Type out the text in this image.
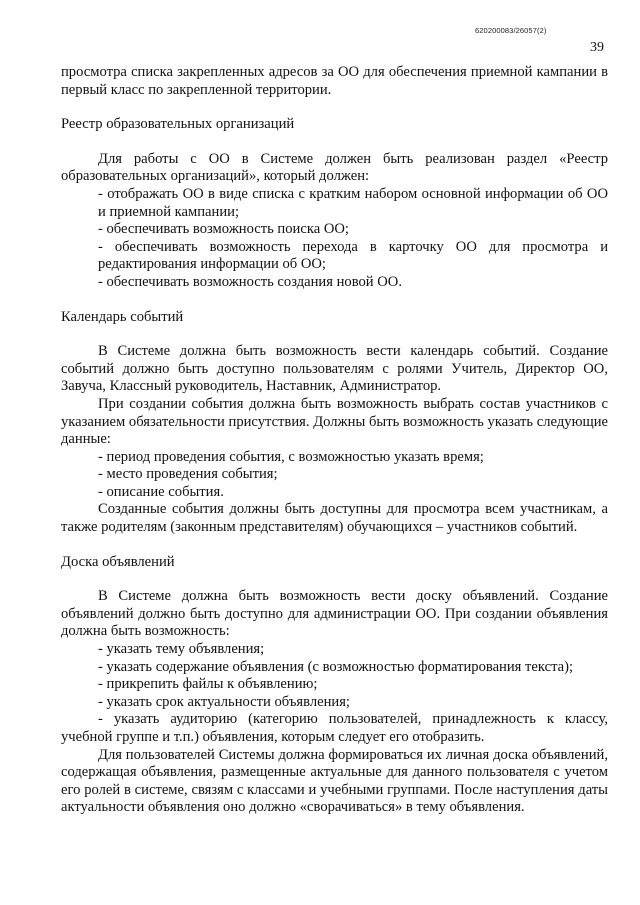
620200083/26057(2)
39

просмотра списка закрепленных адресов за ОО для обеспечения приемной кампании в первый класс по закрепленной территории.

Реестр образовательных организаций

Для работы с ОО в Системе должен быть реализован раздел «Реестр образовательных организаций», который должен:

- отображать ОО в виде списка с кратким набором основной информации об ОО и приемной кампании;

- обеспечивать возможность поиска ОО;

- обеспечивать возможность перехода в карточку ОО для просмотра и редактирования информации об ОО;

- обеспечивать возможность создания новой ОО.

Календарь событий

В Системе должна быть возможность вести календарь событий. Создание событий должно быть доступно пользователям с ролями Учитель, Директор ОО, Завуча, Классный руководитель, Наставник, Администратор.

При создании события должна быть возможность выбрать состав участников с указанием обязательности присутствия. Должны быть возможность указать следующие данные:

- период проведения события, с возможностью указать время;

- место проведения события;

- описание события.

Созданные события должны быть доступны для просмотра всем участникам, а также родителям (законным представителям) обучающихся – участников событий.

Доска объявлений

В Системе должна быть возможность вести доску объявлений. Создание объявлений должно быть доступно для администрации ОО. При создании объявления должна быть возможность:

- указать тему объявления;

- указать содержание объявления (с возможностью форматирования текста);

- прикрепить файлы к объявлению;

- указать срок актуальности объявления;

- указать аудиторию (категорию пользователей, принадлежность к классу, учебной группе и т.п.) объявления, которым следует его отобразить.

Для пользователей Системы должна формироваться их личная доска объявлений, содержащая объявления, размещенные актуальные для данного пользователя с учетом его ролей в системе, связям с классами и учебными группами. После наступления даты актуальности объявления оно должно «сворачиваться» в тему объявления.
